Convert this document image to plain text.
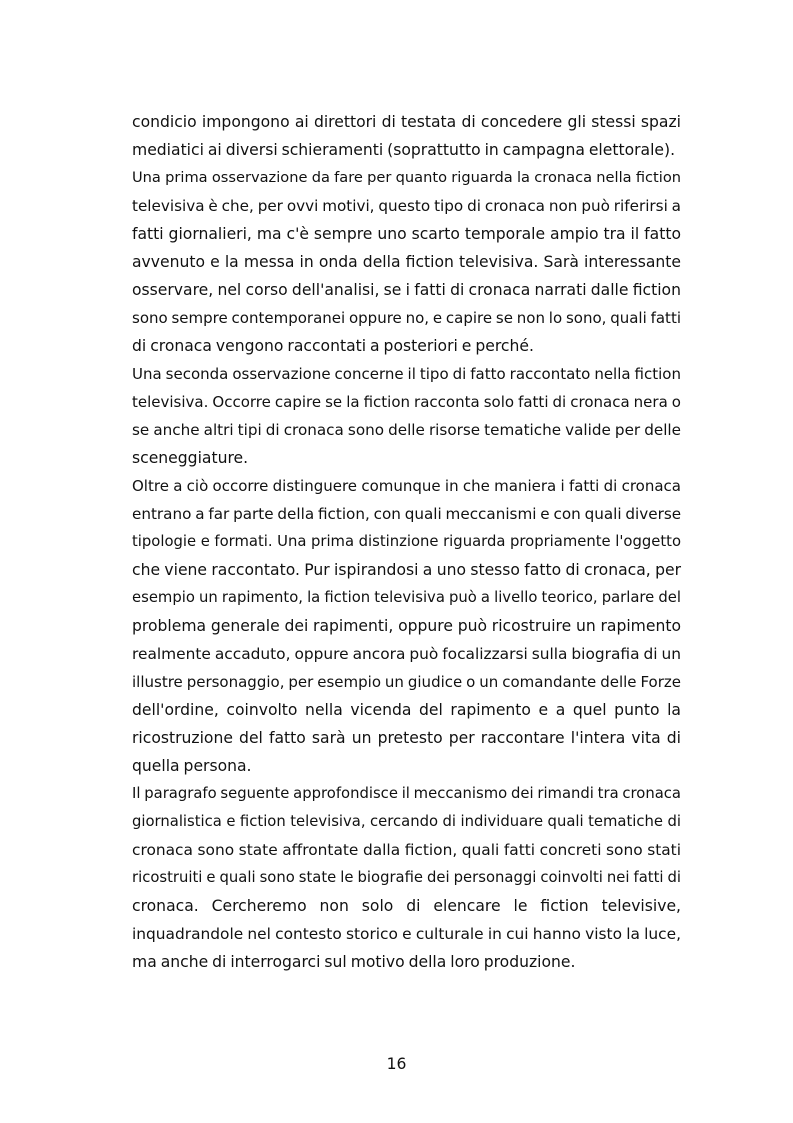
condicio impongono ai direttori di testata di concedere gli stessi spazi
mediatici ai diversi schieramenti (soprattutto in campagna elettorale).

Una prima osservazione da fare per quanto riguarda la cronaca nella fiction
televisiva è che, per ovvi motivi, questo tipo di cronaca non può riferirsi a
fatti giornalieri, ma c'è sempre uno scarto temporale ampio tra il fatto
avvenuto e la messa in onda della fiction televisiva. Sarà interessante
osservare, nel corso dell'analisi, se i fatti di cronaca narrati dalle fiction
sono sempre contemporanei oppure no, e capire se non lo sono, quali fatti
di cronaca vengono raccontati a posteriori e perché.

Una seconda osservazione concerne il tipo di fatto raccontato nella fiction
televisiva. Occorre capire se la fiction racconta solo fatti di cronaca nera o
se anche altri tipi di cronaca sono delle risorse tematiche valide per delle
sceneggiature.

Oltre a ciò occorre distinguere comunque in che maniera i fatti di cronaca
entrano a far parte della fiction, con quali meccanismi e con quali diverse
tipologie e formati. Una prima distinzione riguarda propriamente l'oggetto
che viene raccontato. Pur ispirandosi a uno stesso fatto di cronaca, per
esempio un rapimento, la fiction televisiva può a livello teorico, parlare del
problema generale dei rapimenti, oppure può ricostruire un rapimento
realmente accaduto, oppure ancora può focalizzarsi sulla biografia di un
illustre personaggio, per esempio un giudice o un comandante delle Forze
dell'ordine, coinvolto nella vicenda del rapimento e a quel punto la
ricostruzione del fatto sarà un pretesto per raccontare l'intera vita di
quella persona.

Il paragrafo seguente approfondisce il meccanismo dei rimandi tra cronaca
giornalistica e fiction televisiva, cercando di individuare quali tematiche di
cronaca sono state affrontate dalla fiction, quali fatti concreti sono stati
ricostruiti e quali sono state le biografie dei personaggi coinvolti nei fatti di
cronaca. Cercheremo non solo di elencare le fiction televisive,
inquadrandole nel contesto storico e culturale in cui hanno visto la luce,
ma anche di interrogarci sul motivo della loro produzione.

16
